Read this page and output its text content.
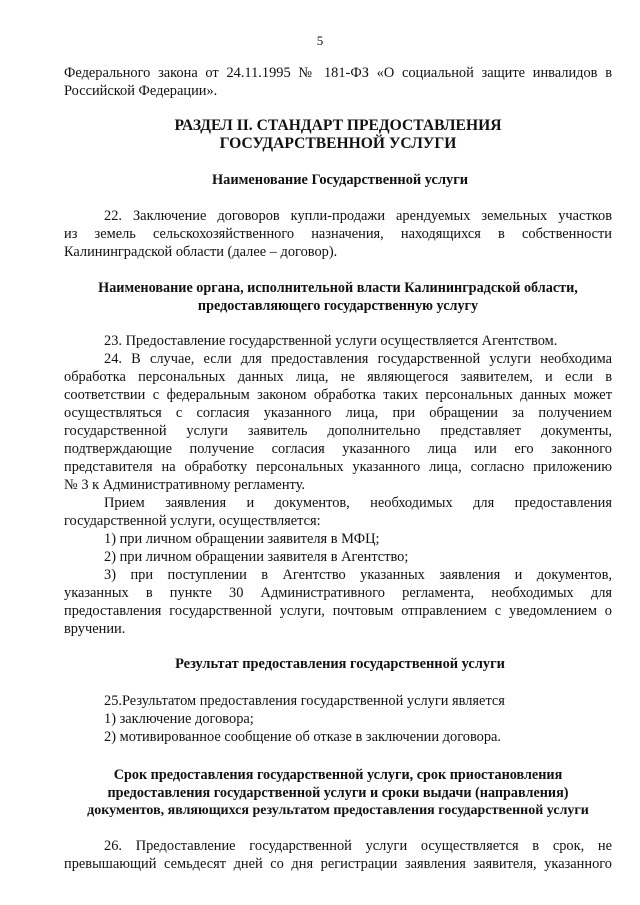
5

Федерального закона от 24.11.1995 № 181-ФЗ «О социальной защите инвалидов в

Российской Федерации».

РАЗДЕЛ II. СТАНДАРТ ПРЕДОСТАВЛЕНИЯ

ГОСУДАРСТВЕННОЙ УСЛУГИ

Наименование Государственной услуги

22. Заключение договоров купли-продажи арендуемых земельных участков

из земель сельскохозяйственного назначения, находящихся в собственности

Калининградской области (далее – договор).

Наименование органа, исполнительной власти Калининградской области,

предоставляющего государственную услугу

23. Предоставление государственной услуги осуществляется Агентством.

24. В случае, если для предоставления государственной услуги необходима

обработка персональных данных лица, не являющегося заявителем, и если в

соответствии с федеральным законом обработка таких персональных данных может

осуществляться с согласия указанного лица, при обращении за получением

государственной услуги заявитель дополнительно представляет документы,

подтверждающие получение согласия указанного лица или его законного

представителя на обработку персональных указанного лица, согласно приложению

№ 3 к Административному регламенту.

Прием заявления и документов, необходимых для предоставления

государственной услуги, осуществляется:

1) при личном обращении заявителя в МФЦ;

2) при личном обращении заявителя в Агентство;

3) при поступлении в Агентство указанных заявления и документов,

указанных в пункте 30 Административного регламента, необходимых для

предоставления государственной услуги, почтовым отправлением с уведомлением о

вручении.

Результат предоставления государственной услуги

25.Результатом предоставления государственной услуги является

1) заключение договора;

2) мотивированное сообщение об отказе в заключении договора.

Срок предоставления государственной услуги, срок приостановления

предоставления государственной услуги и сроки выдачи (направления)

документов, являющихся результатом предоставления государственной услуги

26. Предоставление государственной услуги осуществляется в срок, не

превышающий семьдесят дней со дня регистрации заявления заявителя, указанного
